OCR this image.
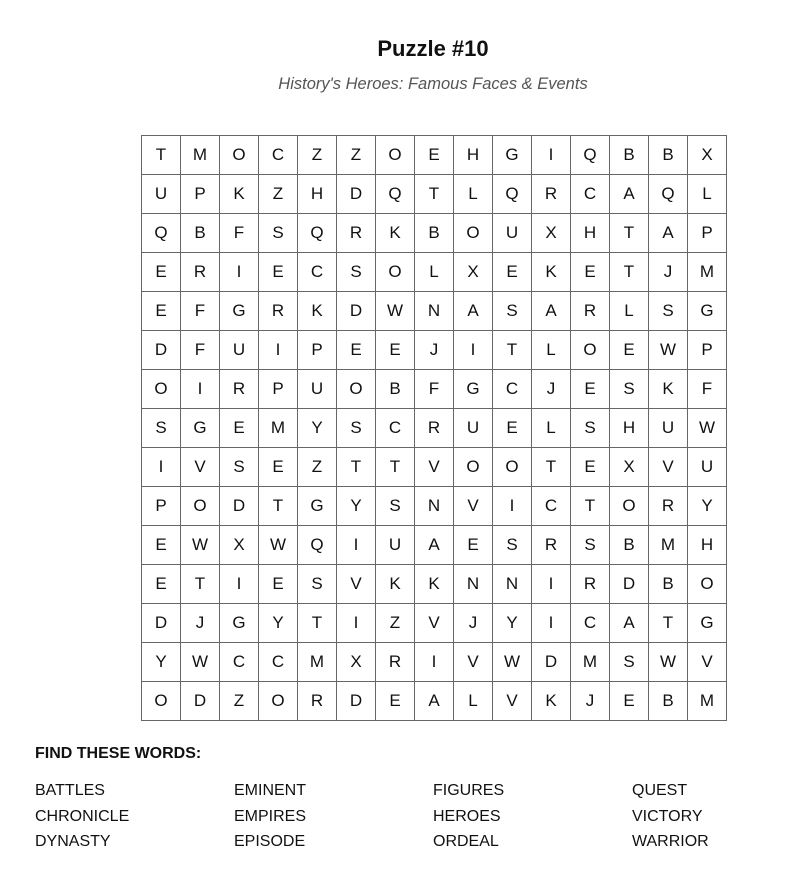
Puzzle #10
History's Heroes: Famous Faces & Events
T	M	O	C	Z	Z	O	E	H	G	I	Q	B	B	X
U	P	K	Z	H	D	Q	T	L	Q	R	C	A	Q	L
Q	B	F	S	Q	R	K	B	O	U	X	H	T	A	P
E	R	I	E	C	S	O	L	X	E	K	E	T	J	M
E	F	G	R	K	D	W	N	A	S	A	R	L	S	G
D	F	U	I	P	E	E	J	I	T	L	O	E	W	P
O	I	R	P	U	O	B	F	G	C	J	E	S	K	F
S	G	E	M	Y	S	C	R	U	E	L	S	H	U	W
I	V	S	E	Z	T	T	V	O	O	T	E	X	V	U
P	O	D	T	G	Y	S	N	V	I	C	T	O	R	Y
E	W	X	W	Q	I	U	A	E	S	R	S	B	M	H
E	T	I	E	S	V	K	K	N	N	I	R	D	B	O
D	J	G	Y	T	I	Z	V	J	Y	I	C	A	T	G
Y	W	C	C	M	X	R	I	V	W	D	M	S	W	V
O	D	Z	O	R	D	E	A	L	V	K	J	E	B	M
FIND THESE WORDS:
BATTLES
CHRONICLE
DYNASTY
EMINENT
EMPIRES
EPISODE
FIGURES
HEROES
ORDEAL
QUEST
VICTORY
WARRIOR
